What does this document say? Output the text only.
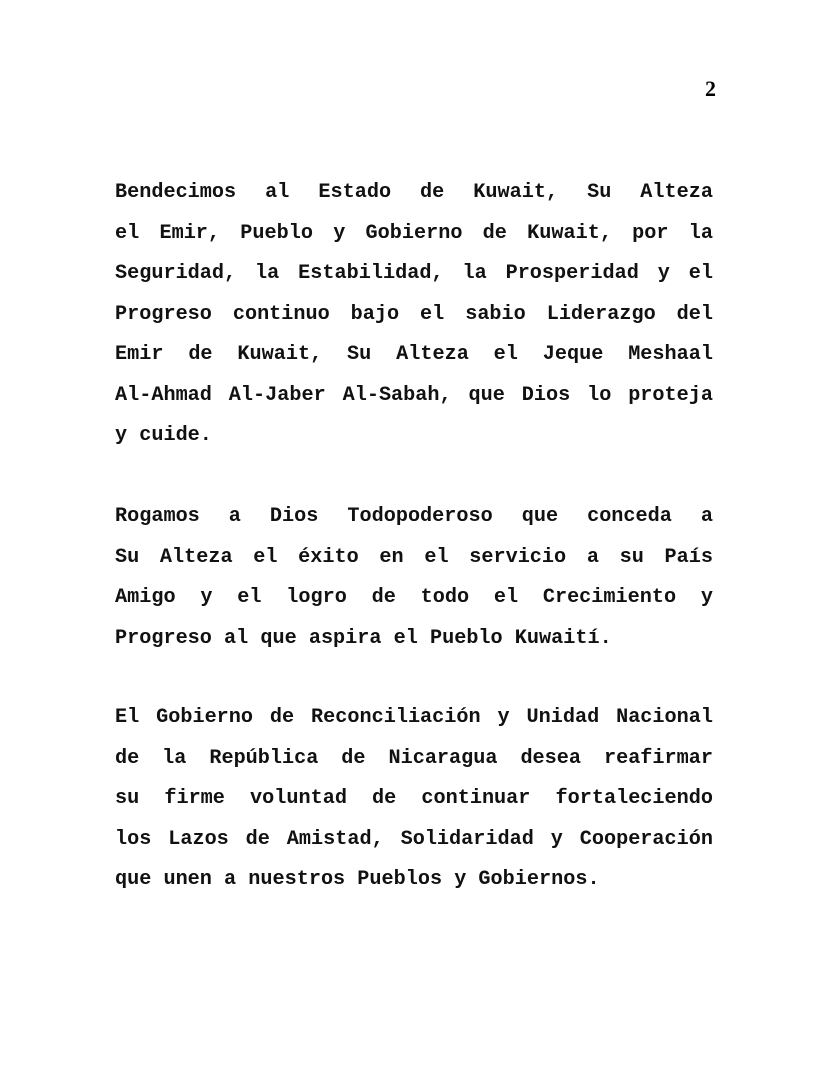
2
Bendecimos al Estado de Kuwait, Su Alteza
el Emir, Pueblo y Gobierno de Kuwait, por la
Seguridad, la Estabilidad, la Prosperidad y el
Progreso continuo bajo el sabio Liderazgo del
Emir de Kuwait, Su Alteza el Jeque Meshaal
Al-Ahmad Al-Jaber Al-Sabah, que Dios lo proteja
y cuide.
Rogamos a Dios Todopoderoso que conceda a
Su Alteza el éxito en el servicio a su País
Amigo y el logro de todo el Crecimiento y
Progreso al que aspira el Pueblo Kuwaití.
El Gobierno de Reconciliación y Unidad Nacional
de la República de Nicaragua desea reafirmar
su firme voluntad de continuar fortaleciendo
los Lazos de Amistad, Solidaridad y Cooperación
que unen a nuestros Pueblos y Gobiernos.
